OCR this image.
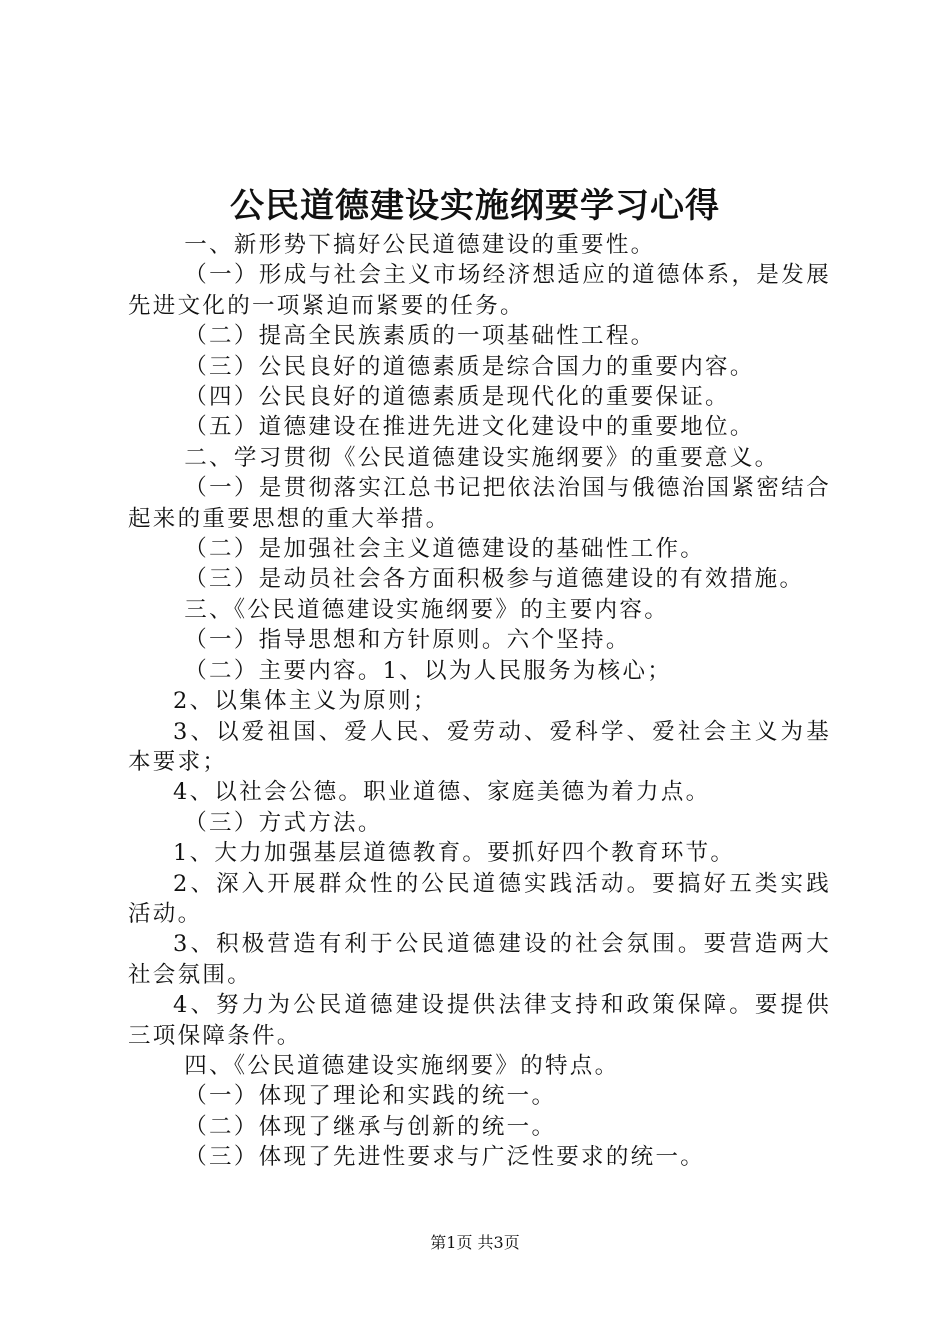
公民道德建设实施纲要学习心得

一、新形势下搞好公民道德建设的重要性。

（一）形成与社会主义市场经济想适应的道德体系，是发展先进文化的一项紧迫而紧要的任务。

（二）提高全民族素质的一项基础性工程。

（三）公民良好的道德素质是综合国力的重要内容。

（四）公民良好的道德素质是现代化的重要保证。

（五）道德建设在推进先进文化建设中的重要地位。

二、学习贯彻《公民道德建设实施纲要》的重要意义。

（一）是贯彻落实江总书记把依法治国与俄德治国紧密结合起来的重要思想的重大举措。

（二）是加强社会主义道德建设的基础性工作。

（三）是动员社会各方面积极参与道德建设的有效措施。

三、《公民道德建设实施纲要》的主要内容。

（一）指导思想和方针原则。六个坚持。

（二）主要内容。1、以为人民服务为核心；

2、以集体主义为原则；

3、以爱祖国、爱人民、爱劳动、爱科学、爱社会主义为基本要求；

4、以社会公德。职业道德、家庭美德为着力点。

（三）方式方法。

1、大力加强基层道德教育。要抓好四个教育环节。

2、深入开展群众性的公民道德实践活动。要搞好五类实践活动。

3、积极营造有利于公民道德建设的社会氛围。要营造两大社会氛围。

4、努力为公民道德建设提供法律支持和政策保障。要提供三项保障条件。

四、《公民道德建设实施纲要》的特点。

（一）体现了理论和实践的统一。

（二）体现了继承与创新的统一。

（三）体现了先进性要求与广泛性要求的统一。

第1页 共3页
